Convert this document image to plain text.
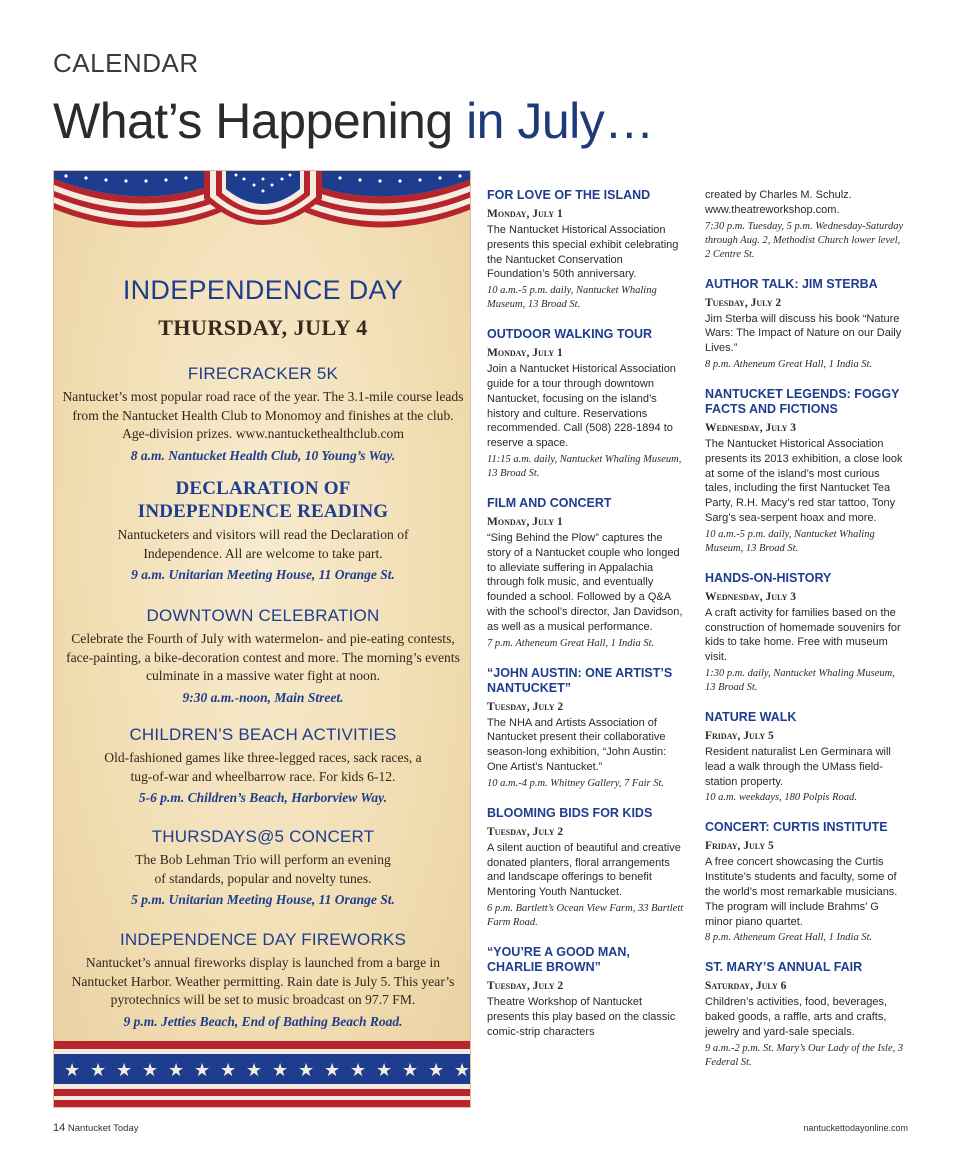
CALENDAR
What’s Happening in July…
INDEPENDENCE DAY
THURSDAY, JULY 4
FIRECRACKER 5K
Nantucket’s most popular road race of the year. The 3.1-mile course leads from the Nantucket Health Club to Monomoy and finishes at the club. Age-division prizes. www.nantuckethealthclub.com
8 a.m. Nantucket Health Club, 10 Young’s Way.
DECLARATION OF INDEPENDENCE READING
Nantucketers and visitors will read the Declaration of Independence. All are welcome to take part.
9 a.m. Unitarian Meeting House, 11 Orange St.
DOWNTOWN CELEBRATION
Celebrate the Fourth of July with watermelon- and pie-eating contests, face-painting, a bike-decoration contest and more. The morning’s events culminate in a massive water fight at noon.
9:30 a.m.-noon, Main Street.
CHILDREN’S BEACH ACTIVITIES
Old-fashioned games like three-legged races, sack races, a tug-of-war and wheelbarrow race. For kids 6-12.
5-6 p.m. Children’s Beach, Harborview Way.
THURSDAYS@5 CONCERT
The Bob Lehman Trio will perform an evening of standards, popular and novelty tunes.
5 p.m. Unitarian Meeting House, 11 Orange St.
INDEPENDENCE DAY FIREWORKS
Nantucket’s annual fireworks display is launched from a barge in Nantucket Harbor. Weather permitting. Rain date is July 5. This year’s pyrotechnics will be set to music broadcast on 97.7 FM.
9 p.m. Jetties Beach, End of Bathing Beach Road.
★ ★ ★ ★ ★ ★ ★ ★ ★ ★ ★ ★ ★ ★ ★ ★
FOR LOVE OF THE ISLAND
Monday, July 1
The Nantucket Historical Association presents this special exhibit celebrating the Nantucket Conservation Foundation’s 50th anniversary.
10 a.m.-5 p.m. daily, Nantucket Whaling Museum, 13 Broad St.
OUTDOOR WALKING TOUR
Monday, July 1
Join a Nantucket Historical Association guide for a tour through downtown Nantucket, focusing on the island’s history and culture. Reservations recommended. Call (508) 228-1894 to reserve a space.
11:15 a.m. daily, Nantucket Whaling Museum, 13 Broad St.
FILM AND CONCERT
Monday, July 1
“Sing Behind the Plow” captures the story of a Nantucket couple who longed to alleviate suffering in Appalachia through folk music, and eventually founded a school. Followed by a Q&A with the school’s director, Jan Davidson, as well as a musical performance.
7 p.m. Atheneum Great Hall, 1 India St.
“JOHN AUSTIN: ONE ARTIST’S NANTUCKET”
Tuesday, July 2
The NHA and Artists Association of Nantucket present their collaborative season-long exhibition, “John Austin: One Artist’s Nantucket.”
10 a.m.-4 p.m. Whitney Gallery, 7 Fair St.
BLOOMING BIDS FOR KIDS
Tuesday, July 2
A silent auction of beautiful and creative donated planters, floral arrangements and landscape offerings to benefit Mentoring Youth Nantucket.
6 p.m. Bartlett’s Ocean View Farm, 33 Bartlett Farm Road.
“YOU’RE A GOOD MAN, CHARLIE BROWN”
Tuesday, July 2
Theatre Workshop of Nantucket presents this play based on the classic comic-strip characters
created by Charles M. Schulz. www.theatreworkshop.com.
7:30 p.m. Tuesday, 5 p.m. Wednesday-Saturday through Aug. 2, Methodist Church lower level, 2 Centre St.
AUTHOR TALK: JIM STERBA
Tuesday, July 2
Jim Sterba will discuss his book “Nature Wars: The Impact of Nature on our Daily Lives.”
8 p.m. Atheneum Great Hall, 1 India St.
NANTUCKET LEGENDS: FOGGY FACTS AND FICTIONS
Wednesday, July 3
The Nantucket Historical Association presents its 2013 exhibition, a close look at some of the island’s most curious tales, including the first Nantucket Tea Party, R.H. Macy’s red star tattoo, Tony Sarg’s sea-serpent hoax and more.
10 a.m.-5 p.m. daily, Nantucket Whaling Museum, 13 Broad St.
HANDS-ON-HISTORY
Wednesday, July 3
A craft activity for families based on the construction of homemade souvenirs for kids to take home. Free with museum visit.
1:30 p.m. daily, Nantucket Whaling Museum, 13 Broad St.
NATURE WALK
Friday, July 5
Resident naturalist Len Germinara will lead a walk through the UMass field-station property.
10 a.m. weekdays, 180 Polpis Road.
CONCERT: CURTIS INSTITUTE
Friday, July 5
A free concert showcasing the Curtis Institute’s students and faculty, some of the world’s most remarkable musicians. The program will include Brahms’ G minor piano quartet.
8 p.m. Atheneum Great Hall, 1 India St.
ST. MARY’S ANNUAL FAIR
Saturday, July 6
Children’s activities, food, beverages, baked goods, a raffle, arts and crafts, jewelry and yard-sale specials.
9 a.m.-2 p.m. St. Mary’s Our Lady of the Isle, 3 Federal St.
14 Nantucket Today	nantuckettodayonline.com
